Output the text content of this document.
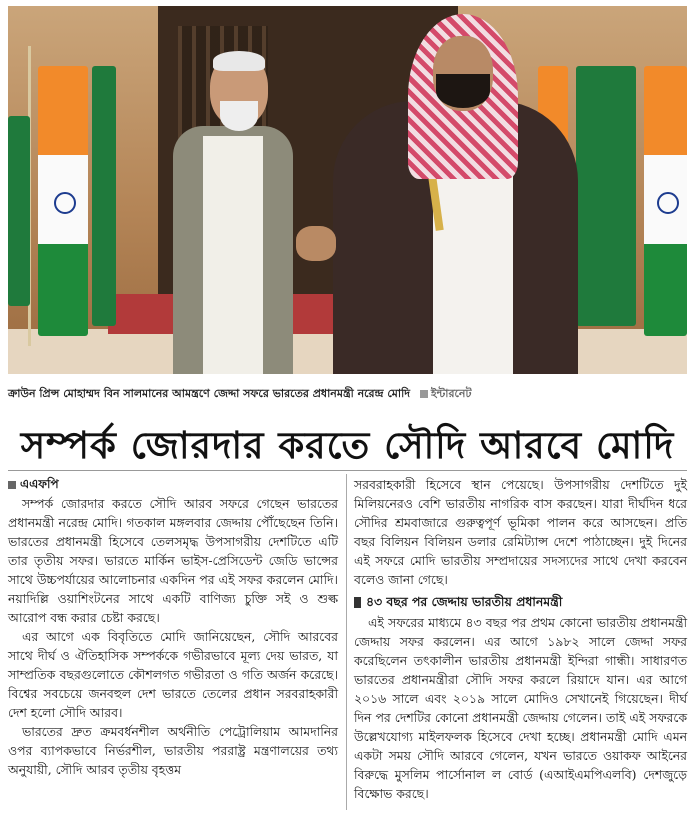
ক্রাউন প্রিন্স মোহাম্মদ বিন সালমানের আমন্ত্রণে জেদ্দা সফরে ভারতের প্রধানমন্ত্রী নরেন্দ্র মোদি ইন্টারনেট
সম্পর্ক জোরদার করতে সৌদি আরবে মোদি
এএফপি

সম্পর্ক জোরদার করতে সৌদি আরব সফরে গেছেন ভারতের প্রধানমন্ত্রী নরেন্দ্র মোদি। গতকাল মঙ্গলবার জেদ্দায় পৌঁছেছেন তিনি। ভারতের প্রধানমন্ত্রী হিসেবে তেলসমৃদ্ধ উপসাগরীয় দেশটিতে এটি তার তৃতীয় সফর। ভারতে মার্কিন ভাইস-প্রেসিডেন্ট জেডি ভান্সের সাথে উচ্চপর্যায়ের আলোচনার একদিন পর এই সফর করলেন মোদি। নয়াদিল্লি ওয়াশিংটনের সাথে একটি বাণিজ্য চুক্তি সই ও শুল্ক আরোপ বন্ধ করার চেষ্টা করছে।

এর আগে এক বিবৃতিতে মোদি জানিয়েছেন, সৌদি আরবের সাথে দীর্ঘ ও ঐতিহাসিক সম্পর্ককে গভীরভাবে মূল্য দেয় ভারত, যা সাম্প্রতিক বছরগুলোতে কৌশলগত গভীরতা ও গতি অর্জন করেছে। বিশ্বের সবচেয়ে জনবহুল দেশ ভারতে তেলের প্রধান সরবরাহকারী দেশ হলো সৌদি আরব।

ভারতের দ্রুত ক্রমবর্ধনশীল অর্থনীতি পেট্রোলিয়াম আমদানির ওপর ব্যাপকভাবে নির্ভরশীল, ভারতীয় পররাষ্ট্র মন্ত্রণালয়ের তথ্য অনুযায়ী, সৌদি আরব তৃতীয় বৃহত্তম

সরবরাহকারী হিসেবে স্থান পেয়েছে। উপসাগরীয় দেশটিতে দুই মিলিয়নেরও বেশি ভারতীয় নাগরিক বাস করছেন। যারা দীর্ঘদিন ধরে সৌদির শ্রমবাজারে গুরুত্বপূর্ণ ভূমিকা পালন করে আসছেন। প্রতি বছর বিলিয়ন বিলিয়ন ডলার রেমিট্যান্স দেশে পাঠাচ্ছেন। দুই দিনের এই সফরে মোদি ভারতীয় সম্প্রদায়ের সদস্যদের সাথে দেখা করবেন বলেও জানা গেছে।

৪৩ বছর পর জেদ্দায় ভারতীয় প্রধানমন্ত্রী

এই সফরের মাধ্যমে ৪৩ বছর পর প্রথম কোনো ভারতীয় প্রধানমন্ত্রী জেদ্দায় সফর করলেন। এর আগে ১৯৮২ সালে জেদ্দা সফর করেছিলেন তৎকালীন ভারতীয় প্রধানমন্ত্রী ইন্দিরা গান্ধী। সাধারণত ভারতের প্রধানমন্ত্রীরা সৌদি সফর করলে রিয়াদে যান। এর আগে ২০১৬ সালে এবং ২০১৯ সালে মোদিও সেখানেই গিয়েছেন। দীর্ঘ দিন পর দেশটির কোনো প্রধানমন্ত্রী জেদ্দায় গেলেন। তাই এই সফরকে উল্লেখযোগ্য মাইলফলক হিসেবে দেখা হচ্ছে। প্রধানমন্ত্রী মোদি এমন একটা সময় সৌদি আরবে গেলেন, যখন ভারতে ওয়াকফ আইনের বিরুদ্ধে মুসলিম পার্সোনাল ল বোর্ড (এআইএমপিএলবি) দেশজুড়ে বিক্ষোভ করছে।
